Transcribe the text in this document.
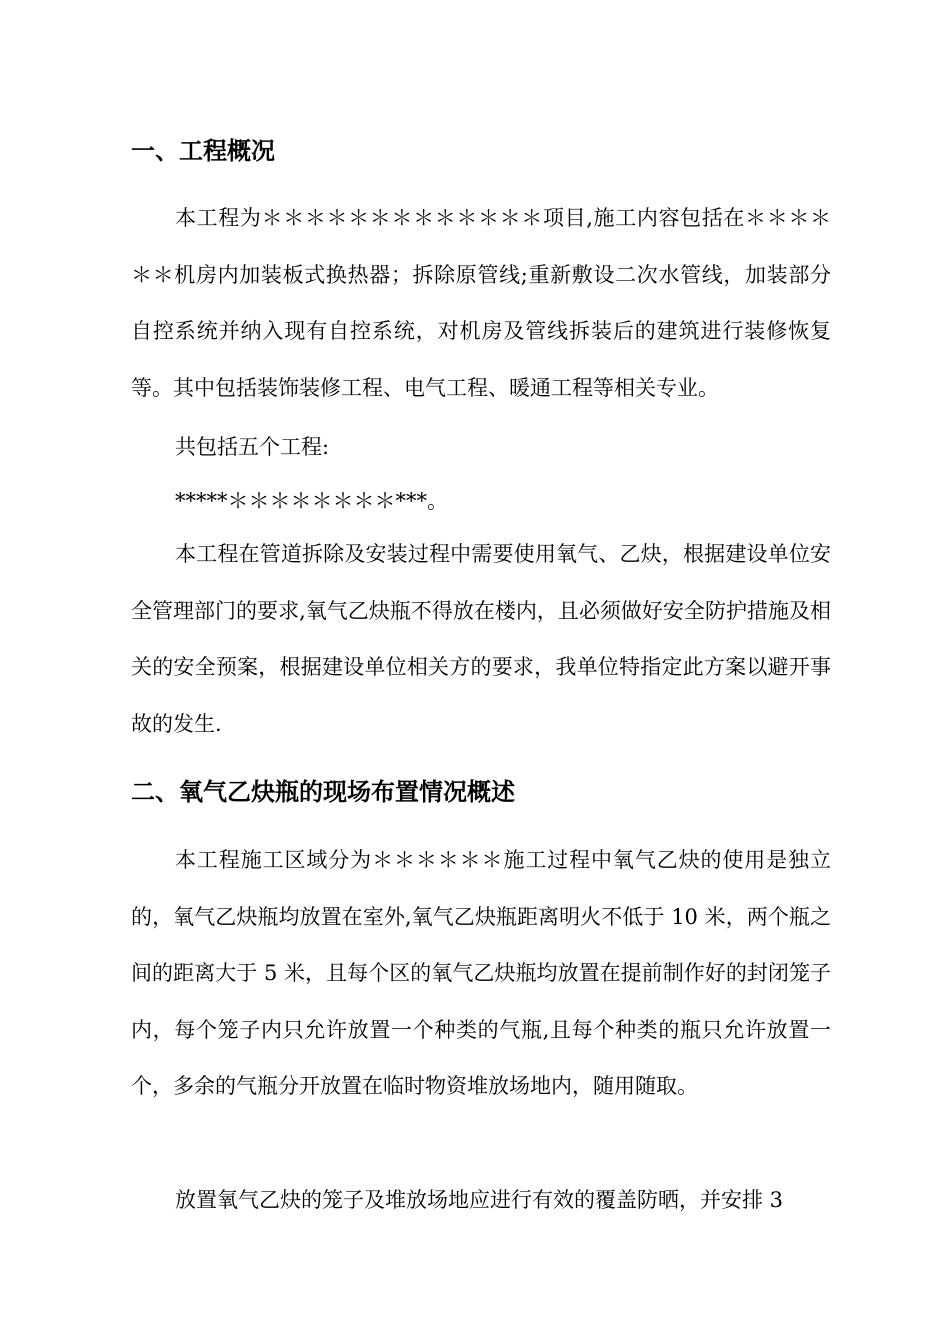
一、工程概况

本工程为＊＊＊＊＊＊＊＊＊＊＊＊＊项目,施工内容包括在＊＊＊＊＊＊机房内加装板式换热器；拆除原管线;重新敷设二次水管线，加装部分自控系统并纳入现有自控系统，对机房及管线拆装后的建筑进行装修恢复等。其中包括装饰装修工程、电气工程、暖通工程等相关专业。

共包括五个工程:
*****＊＊＊＊＊＊＊＊***。

本工程在管道拆除及安装过程中需要使用氧气、乙炔，根据建设单位安全管理部门的要求,氧气乙炔瓶不得放在楼内，且必须做好安全防护措施及相关的安全预案，根据建设单位相关方的要求，我单位特指定此方案以避开事故的发生.

二、氧气乙炔瓶的现场布置情况概述

本工程施工区域分为＊＊＊＊＊＊施工过程中氧气乙炔的使用是独立的，氧气乙炔瓶均放置在室外,氧气乙炔瓶距离明火不低于 10 米，两个瓶之间的距离大于 5 米，且每个区的氧气乙炔瓶均放置在提前制作好的封闭笼子内，每个笼子内只允许放置一个种类的气瓶,且每个种类的瓶只允许放置一个，多余的气瓶分开放置在临时物资堆放场地内，随用随取。

放置氧气乙炔的笼子及堆放场地应进行有效的覆盖防晒，并安排 3
